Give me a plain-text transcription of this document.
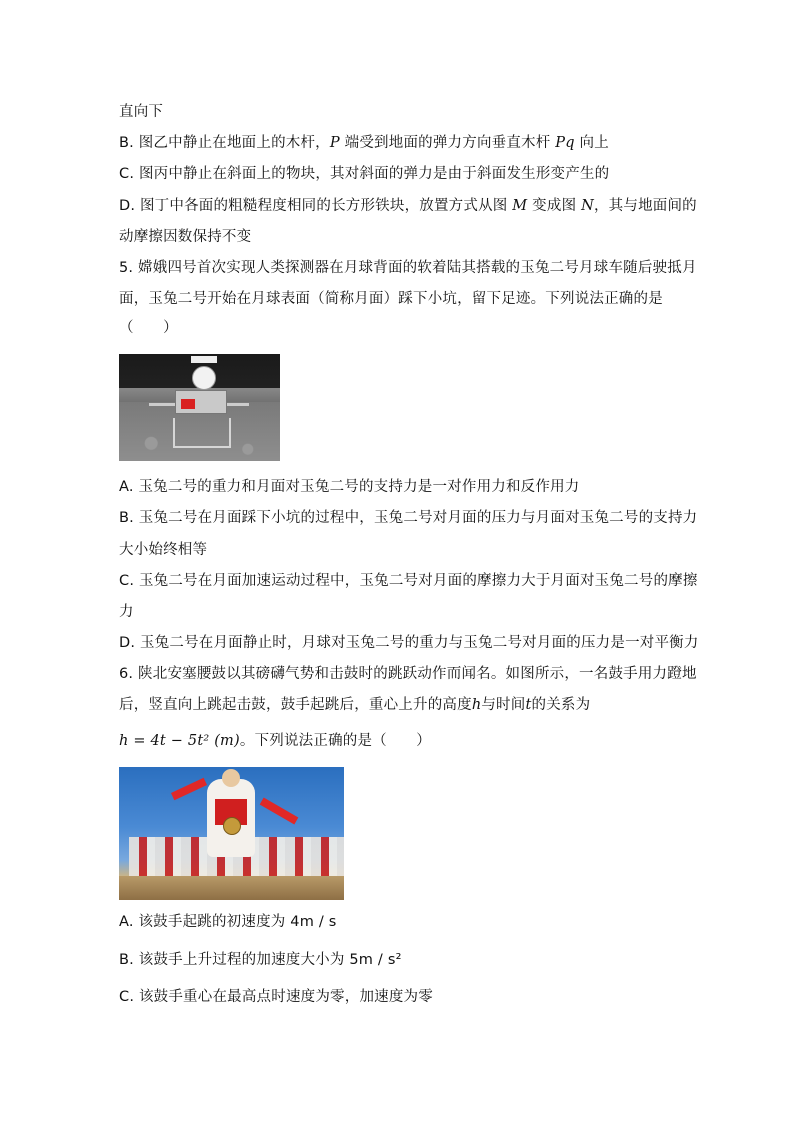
直向下
B. 图乙中静止在地面上的木杆，P 端受到地面的弹力方向垂直木杆 Pq 向上
C. 图丙中静止在斜面上的物块，其对斜面的弹力是由于斜面发生形变产生的
D. 图丁中各面的粗糙程度相同的长方形铁块，放置方式从图 M 变成图 N，其与地面间的
动摩擦因数保持不变
5. 嫦娥四号首次实现人类探测器在月球背面的软着陆其搭载的玉兔二号月球车随后驶抵月
面，玉兔二号开始在月球表面（简称月面）踩下小坑，留下足迹。下列说法正确的是
（　　）
A. 玉兔二号的重力和月面对玉兔二号的支持力是一对作用力和反作用力
B. 玉兔二号在月面踩下小坑的过程中，玉兔二号对月面的压力与月面对玉兔二号的支持力
大小始终相等
C. 玉兔二号在月面加速运动过程中，玉兔二号对月面的摩擦力大于月面对玉兔二号的摩擦
力
D. 玉兔二号在月面静止时，月球对玉兔二号的重力与玉兔二号对月面的压力是一对平衡力
6. 陕北安塞腰鼓以其磅礴气势和击鼓时的跳跃动作而闻名。如图所示，一名鼓手用力蹬地
后，竖直向上跳起击鼓，鼓手起跳后，重心上升的高度h与时间t的关系为
h = 4t − 5t² (m)。下列说法正确的是（　　）
A. 该鼓手起跳的初速度为 4m / s
B. 该鼓手上升过程的加速度大小为 5m / s²
C. 该鼓手重心在最高点时速度为零，加速度为零
